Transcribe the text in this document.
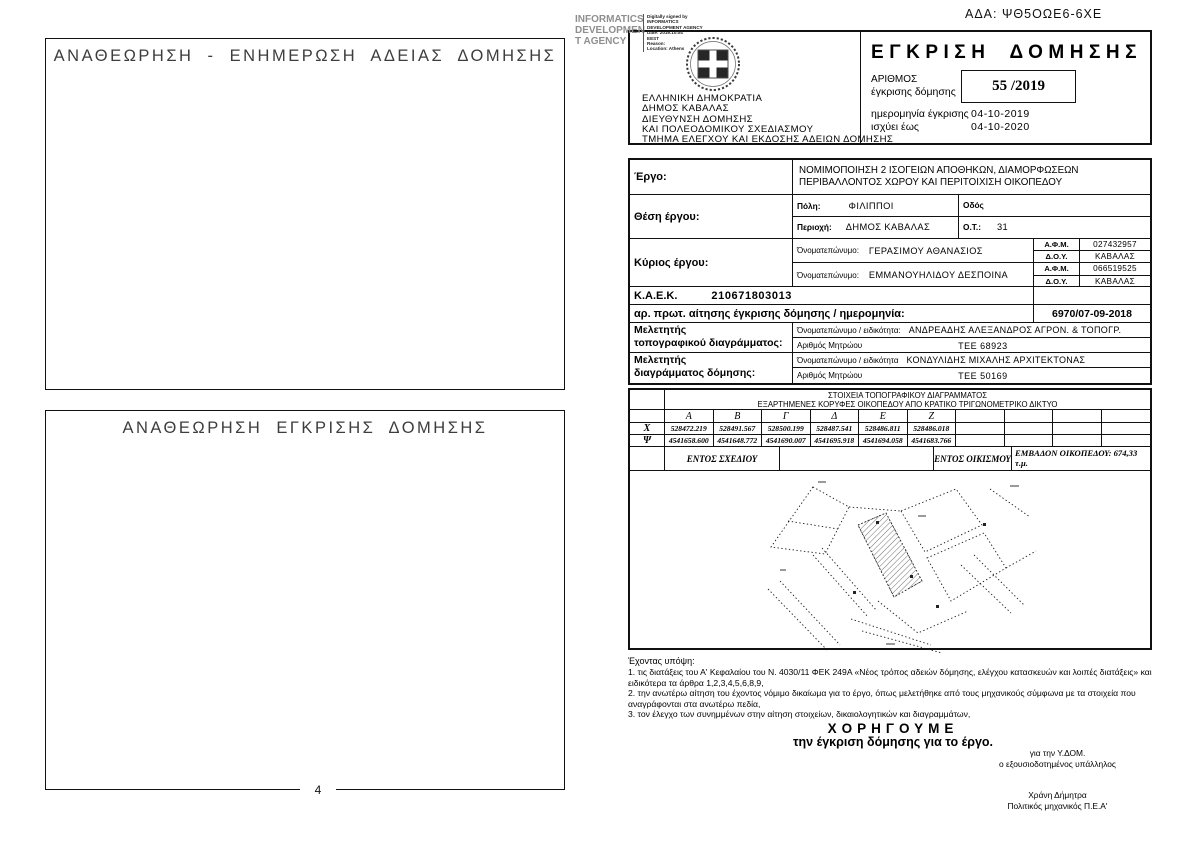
ΑΝΑΘΕΩΡΗΣΗ - ΕΝΗΜΕΡΩΣΗ ΑΔΕΙΑΣ ΔΟΜΗΣΗΣ
ΑΝΑΘΕΩΡΗΣΗ ΕΓΚΡΙΣΗΣ ΔΟΜΗΣΗΣ
4
ΑΔΑ: ΨΘ5ΟΩΕ6-6ΧΕ
INFORMATICS
DEVELOPMEN
T AGENCY
Digitally signed by
INFORMATICS
DEVELOPMENT AGENCY
Date: 2019.10.04
EEST
Reason:
Location: Athens
ΕΛΛΗΝΙΚΗ ΔΗΜΟΚΡΑΤΙΑ
ΔΗΜΟΣ ΚΑΒΑΛΑΣ
ΔΙΕΥΘΥΝΣΗ ΔΟΜΗΣΗΣ
ΚΑΙ ΠΟΛΕΟΔΟΜΙΚΟΥ ΣΧΕΔΙΑΣΜΟΥ
ΤΜΗΜΑ ΕΛΕΓΧΟΥ ΚΑΙ ΕΚΔΟΣΗΣ ΑΔΕΙΩΝ ΔΟΜΗΣΗΣ
ΕΓΚΡΙΣΗ ΔΟΜΗΣΗΣ
ΑΡΙΘΜΟΣ
έγκρισης δόμησης	55 /2019
ημερομηνία έγκρισης 04-10-2019
ισχύει έως	04-10-2020
Έργο:
ΝΟΜΙΜΟΠΟΙΗΣΗ 2 ΙΣΟΓΕΙΩΝ ΑΠΟΘΗΚΩΝ, ΔΙΑΜΟΡΦΩΣΕΩΝ ΠΕΡΙΒΑΛΛΟΝΤΟΣ ΧΩΡΟΥ ΚΑΙ ΠΕΡΙΤΟΙΧΙΣΗ ΟΙΚΟΠΕΔΟΥ
Θέση έργου:
Πόλη:	ΦΙΛΙΠΠΟΙ	Οδός
Περιοχή: ΔΗΜΟΣ ΚΑΒΑΛΑΣ	Ο.Τ.: 31
Κύριος έργου:
Όνοματεπώνυμο: ΓΕΡΑΣΙΜΟΥ ΑΘΑΝΑΣΙΟΣ
Α.Φ.Μ.	027432957
Δ.Ο.Υ.	ΚΑΒΑΛΑΣ
Όνοματεπώνυμο: ΕΜΜΑΝΟΥΗΛΙΔΟΥ ΔΕΣΠΟΙΝΑ
Α.Φ.Μ.	066519525
Δ.Ο.Υ.	ΚΑΒΑΛΑΣ
Κ.Α.Ε.Κ.	210671803013
αρ. πρωτ. αίτησης έγκρισης δόμησης / ημερομηνία:	6970/07-09-2018
Μελετητής
τοπογραφικού διαγράμματος:
Όνοματεπώνυμο / ειδικότητα: ΑΝΔΡΕΑΔΗΣ ΑΛΕΞΑΝΔΡΟΣ ΑΓΡΟΝ. & ΤΟΠΟΓΡ.
Αριθμός Μητρώου	ΤΕΕ 68923
Μελετητής
διαγράμματος δόμησης:
Όνοματεπώνυμο / ειδικότητα ΚΟΝΔΥΛΙΔΗΣ ΜΙΧΑΛΗΣ ΑΡΧΙΤΕΚΤΟΝΑΣ
Αριθμός Μητρώου	ΤΕΕ 50169
ΣΤΟΙΧΕΙΑ ΤΟΠΟΓΡΑΦΙΚΟΥ ΔΙΑΓΡΑΜΜΑΤΟΣ
ΕΞΑΡΤΗΜΕΝΕΣ ΚΟΡΥΦΕΣ ΟΙΚΟΠΕΔΟΥ ΑΠΟ ΚΡΑΤΙΚΟ ΤΡΙΓΩΝΟΜΕΤΡΙΚΟ ΔΙΚΤΥΟ
Α	Β	Γ	Δ	Ε	Ζ
Χ	528472.219	528491.567	528500.199	528487.541	528486.811	528486.018
Ψ	4541658.600	4541648.772	4541690.007	4541695.918	4541694.058	4541683.766
ΕΝΤΟΣ ΣΧΕΔΙΟΥ	ΕΝΤΟΣ ΟΙΚΙΣΜΟΥ
ΕΜΒΑΔΟΝ ΟΙΚΟΠΕΔΟΥ: 674,33 τ.μ.
Έχοντας υπόψη:
1. τις διατάξεις του Α' Κεφαλαίου του Ν. 4030/11 ΦΕΚ 249Α «Νέος τρόπος αδειών δόμησης, ελέγχου κατασκευών και λοιπές διατάξεις» και ειδικότερα τα άρθρα 1,2,3,4,5,6,8,9,
2. την ανωτέρω αίτηση του έχοντος νόμιμο δικαίωμα για το έργο, όπως μελετήθηκε από τους μηχανικούς σύμφωνα με τα στοιχεία που αναγράφονται στα ανωτέρω πεδία,
3. τον έλεγχο των συνημμένων στην αίτηση στοιχείων, δικαιολογητικών και διαγραμμάτων,
ΧΟΡΗΓΟΥΜΕ
την έγκριση δόμησης για το έργο.
για την Υ.ΔΟΜ.
ο εξουσιοδοτημένος υπάλληλος
Χράνη Δήμητρα
Πολιτικός μηχανικός Π.Ε.Α'
